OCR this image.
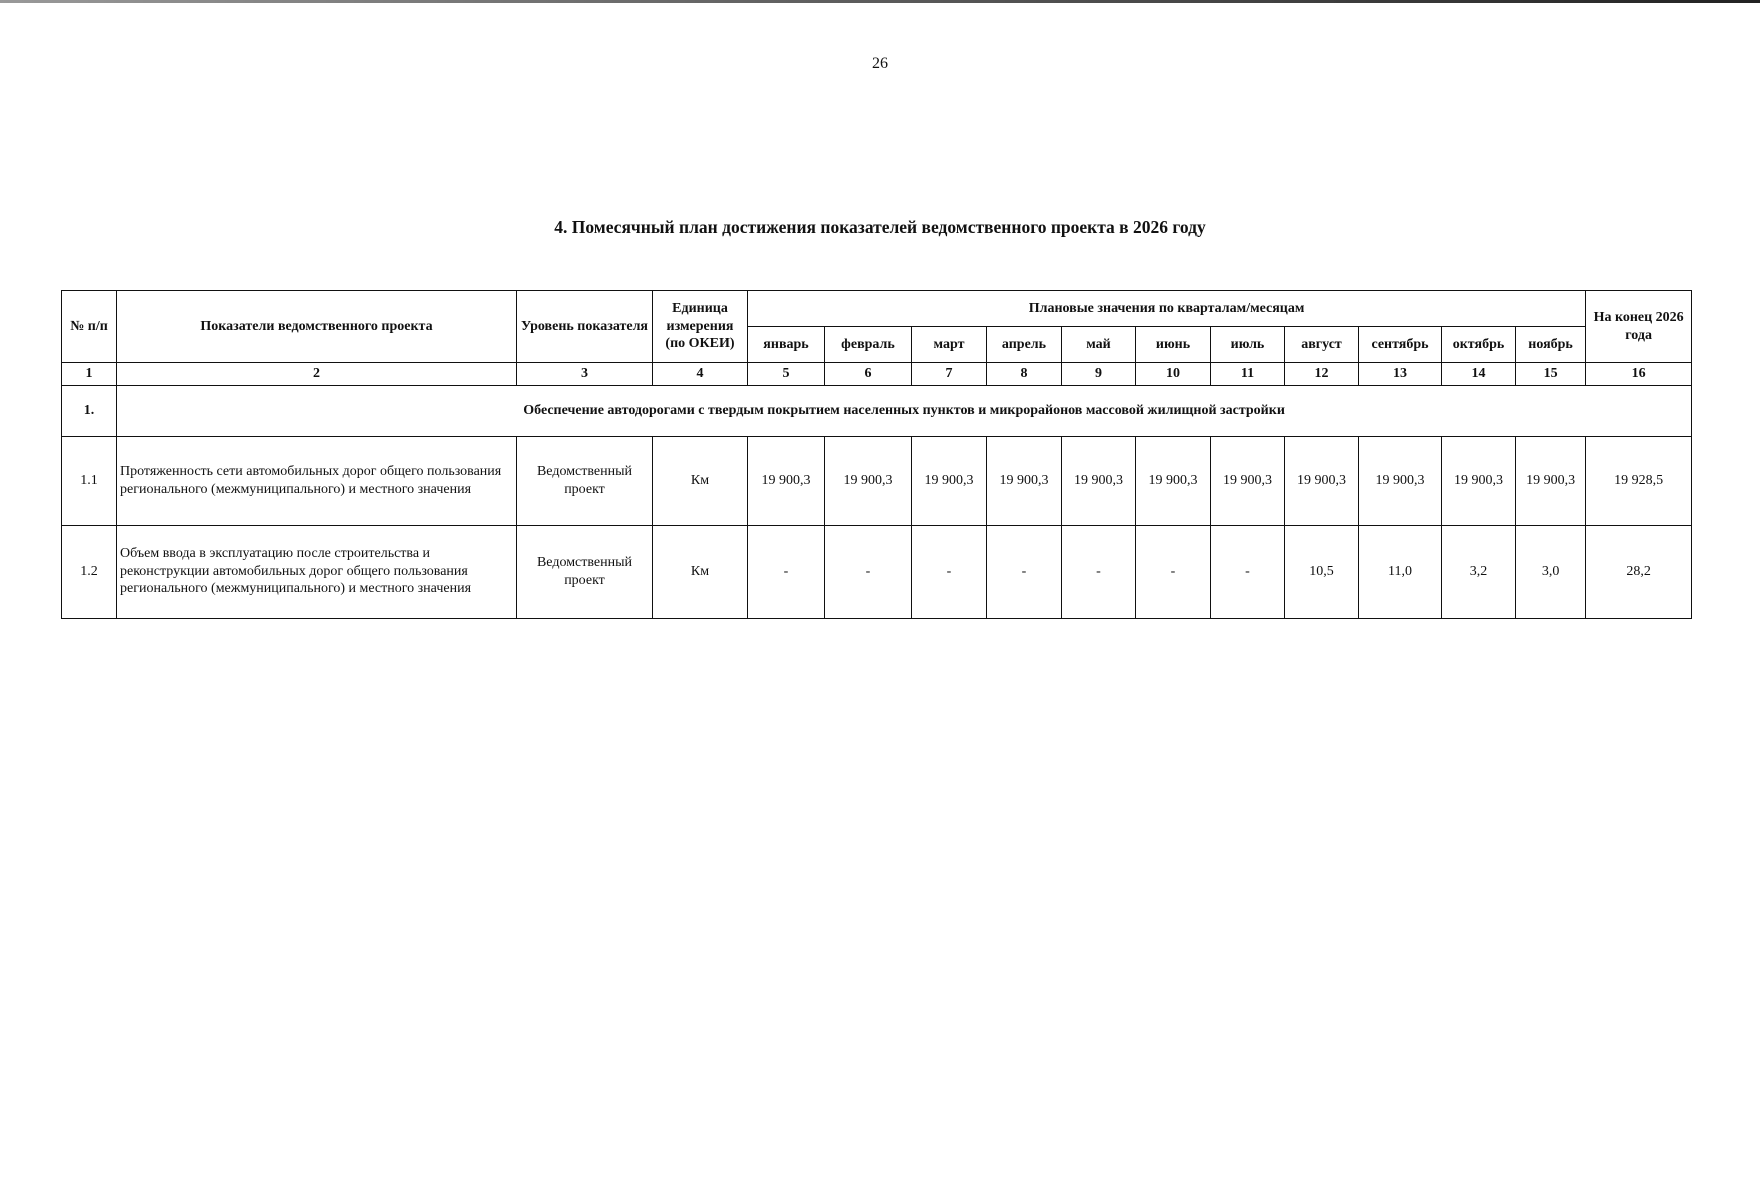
26
4. Помесячный план достижения показателей ведомственного проекта в 2026 году
№ п/п	Показатели ведомственного проекта	Уровень показателя	Единица измерения (по ОКЕИ)	Плановые значения по кварталам/месяцам											На конец 2026 года
				январь	февраль	март	апрель	май	июнь	июль	август	сентябрь	октябрь	ноябрь	
1	2	3	4	5	6	7	8	9	10	11	12	13	14	15	16
1.	Обеспечение автодорогами с твердым покрытием населенных пунктов и микрорайонов массовой жилищной застройки														
1.1	Протяженность сети автомобильных дорог общего пользования регионального (межмуниципального) и местного значения	Ведомственный проект	Км	19 900,3	19 900,3	19 900,3	19 900,3	19 900,3	19 900,3	19 900,3	19 900,3	19 900,3	19 900,3	19 900,3	19 928,5
1.2	Объем ввода в эксплуатацию после строительства и реконструкции автомобильных дорог общего пользования регионального (межмуниципального) и местного значения	Ведомственный проект	Км	-	-	-	-	-	-	-	10,5	11,0	3,2	3,0	28,2
